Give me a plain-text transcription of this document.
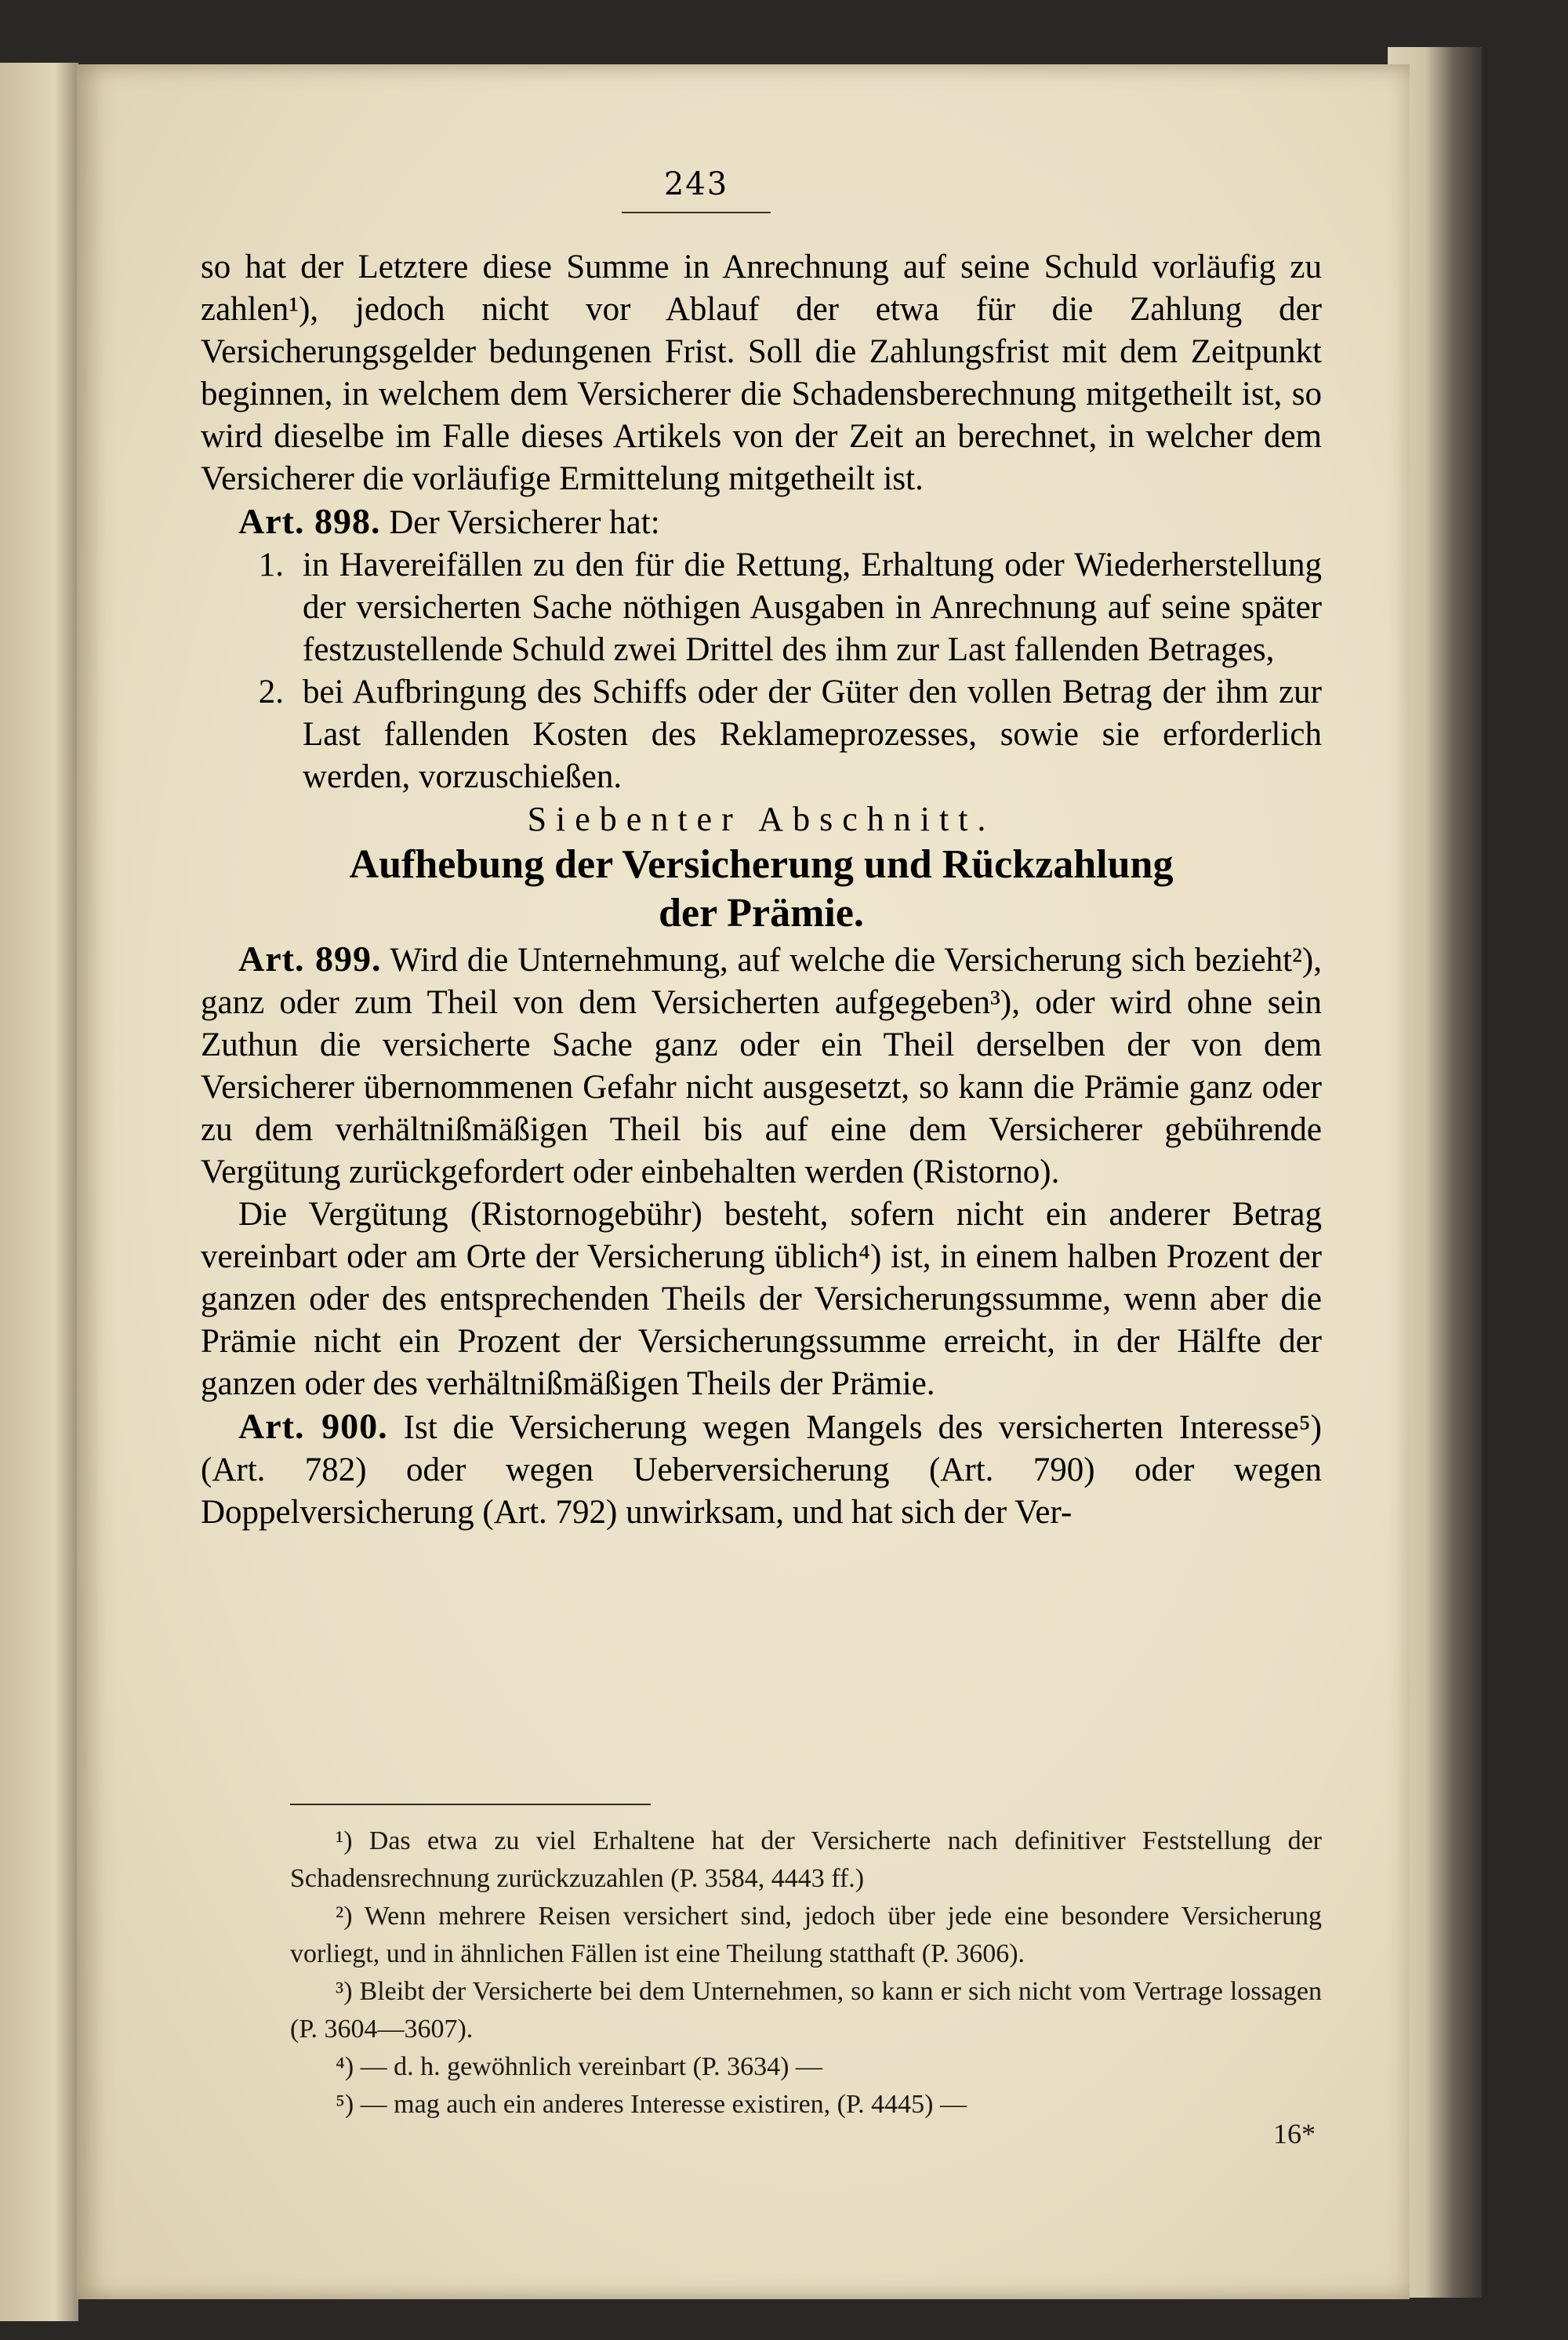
243

so hat der Letztere diese Summe in Anrechnung auf seine Schuld vorläufig zu zahlen¹), jedoch nicht vor Ablauf der etwa für die Zahlung der Versicherungsgelder bedungenen Frist. Soll die Zahlungsfrist mit dem Zeitpunkt beginnen, in welchem dem Versicherer die Schadensberechnung mitgetheilt ist, so wird dieselbe im Falle dieses Artikels von der Zeit an berechnet, in welcher dem Versicherer die vorläufige Ermittelung mitgetheilt ist.

Art. 898. Der Versicherer hat:

1. in Havereifällen zu den für die Rettung, Erhaltung oder Wiederherstellung der versicherten Sache nöthigen Ausgaben in Anrechnung auf seine später festzustellende Schuld zwei Drittel des ihm zur Last fallenden Betrages,
2. bei Aufbringung des Schiffs oder der Güter den vollen Betrag der ihm zur Last fallenden Kosten des Reklameprozesses, sowie sie erforderlich werden, vorzuschießen.

Siebenter Abschnitt.

Aufhebung der Versicherung und Rückzahlung
der Prämie.

Art. 899. Wird die Unternehmung, auf welche die Versicherung sich bezieht²), ganz oder zum Theil von dem Versicherten aufgegeben³), oder wird ohne sein Zuthun die versicherte Sache ganz oder ein Theil derselben der von dem Versicherer übernommenen Gefahr nicht ausgesetzt, so kann die Prämie ganz oder zu dem verhältnißmäßigen Theil bis auf eine dem Versicherer gebührende Vergütung zurückgefordert oder einbehalten werden (Ristorno).

Die Vergütung (Ristornogebühr) besteht, sofern nicht ein anderer Betrag vereinbart oder am Orte der Versicherung üblich⁴) ist, in einem halben Prozent der ganzen oder des entsprechenden Theils der Versicherungssumme, wenn aber die Prämie nicht ein Prozent der Versicherungssumme erreicht, in der Hälfte der ganzen oder des verhältnißmäßigen Theils der Prämie.

Art. 900. Ist die Versicherung wegen Mangels des versicherten Interesse⁵) (Art. 782) oder wegen Ueberversicherung (Art. 790) oder wegen Doppelversicherung (Art. 792) unwirksam, und hat sich der Ver-

¹) Das etwa zu viel Erhaltene hat der Versicherte nach definitiver Feststellung der Schadensrechnung zurückzuzahlen (P. 3584, 4443 ff.)

²) Wenn mehrere Reisen versichert sind, jedoch über jede eine besondere Versicherung vorliegt, und in ähnlichen Fällen ist eine Theilung statthaft (P. 3606).

³) Bleibt der Versicherte bei dem Unternehmen, so kann er sich nicht vom Vertrage lossagen (P. 3604—3607).

⁴) — d. h. gewöhnlich vereinbart (P. 3634) —

⁵) — mag auch ein anderes Interesse existiren, (P. 4445) —

16*
